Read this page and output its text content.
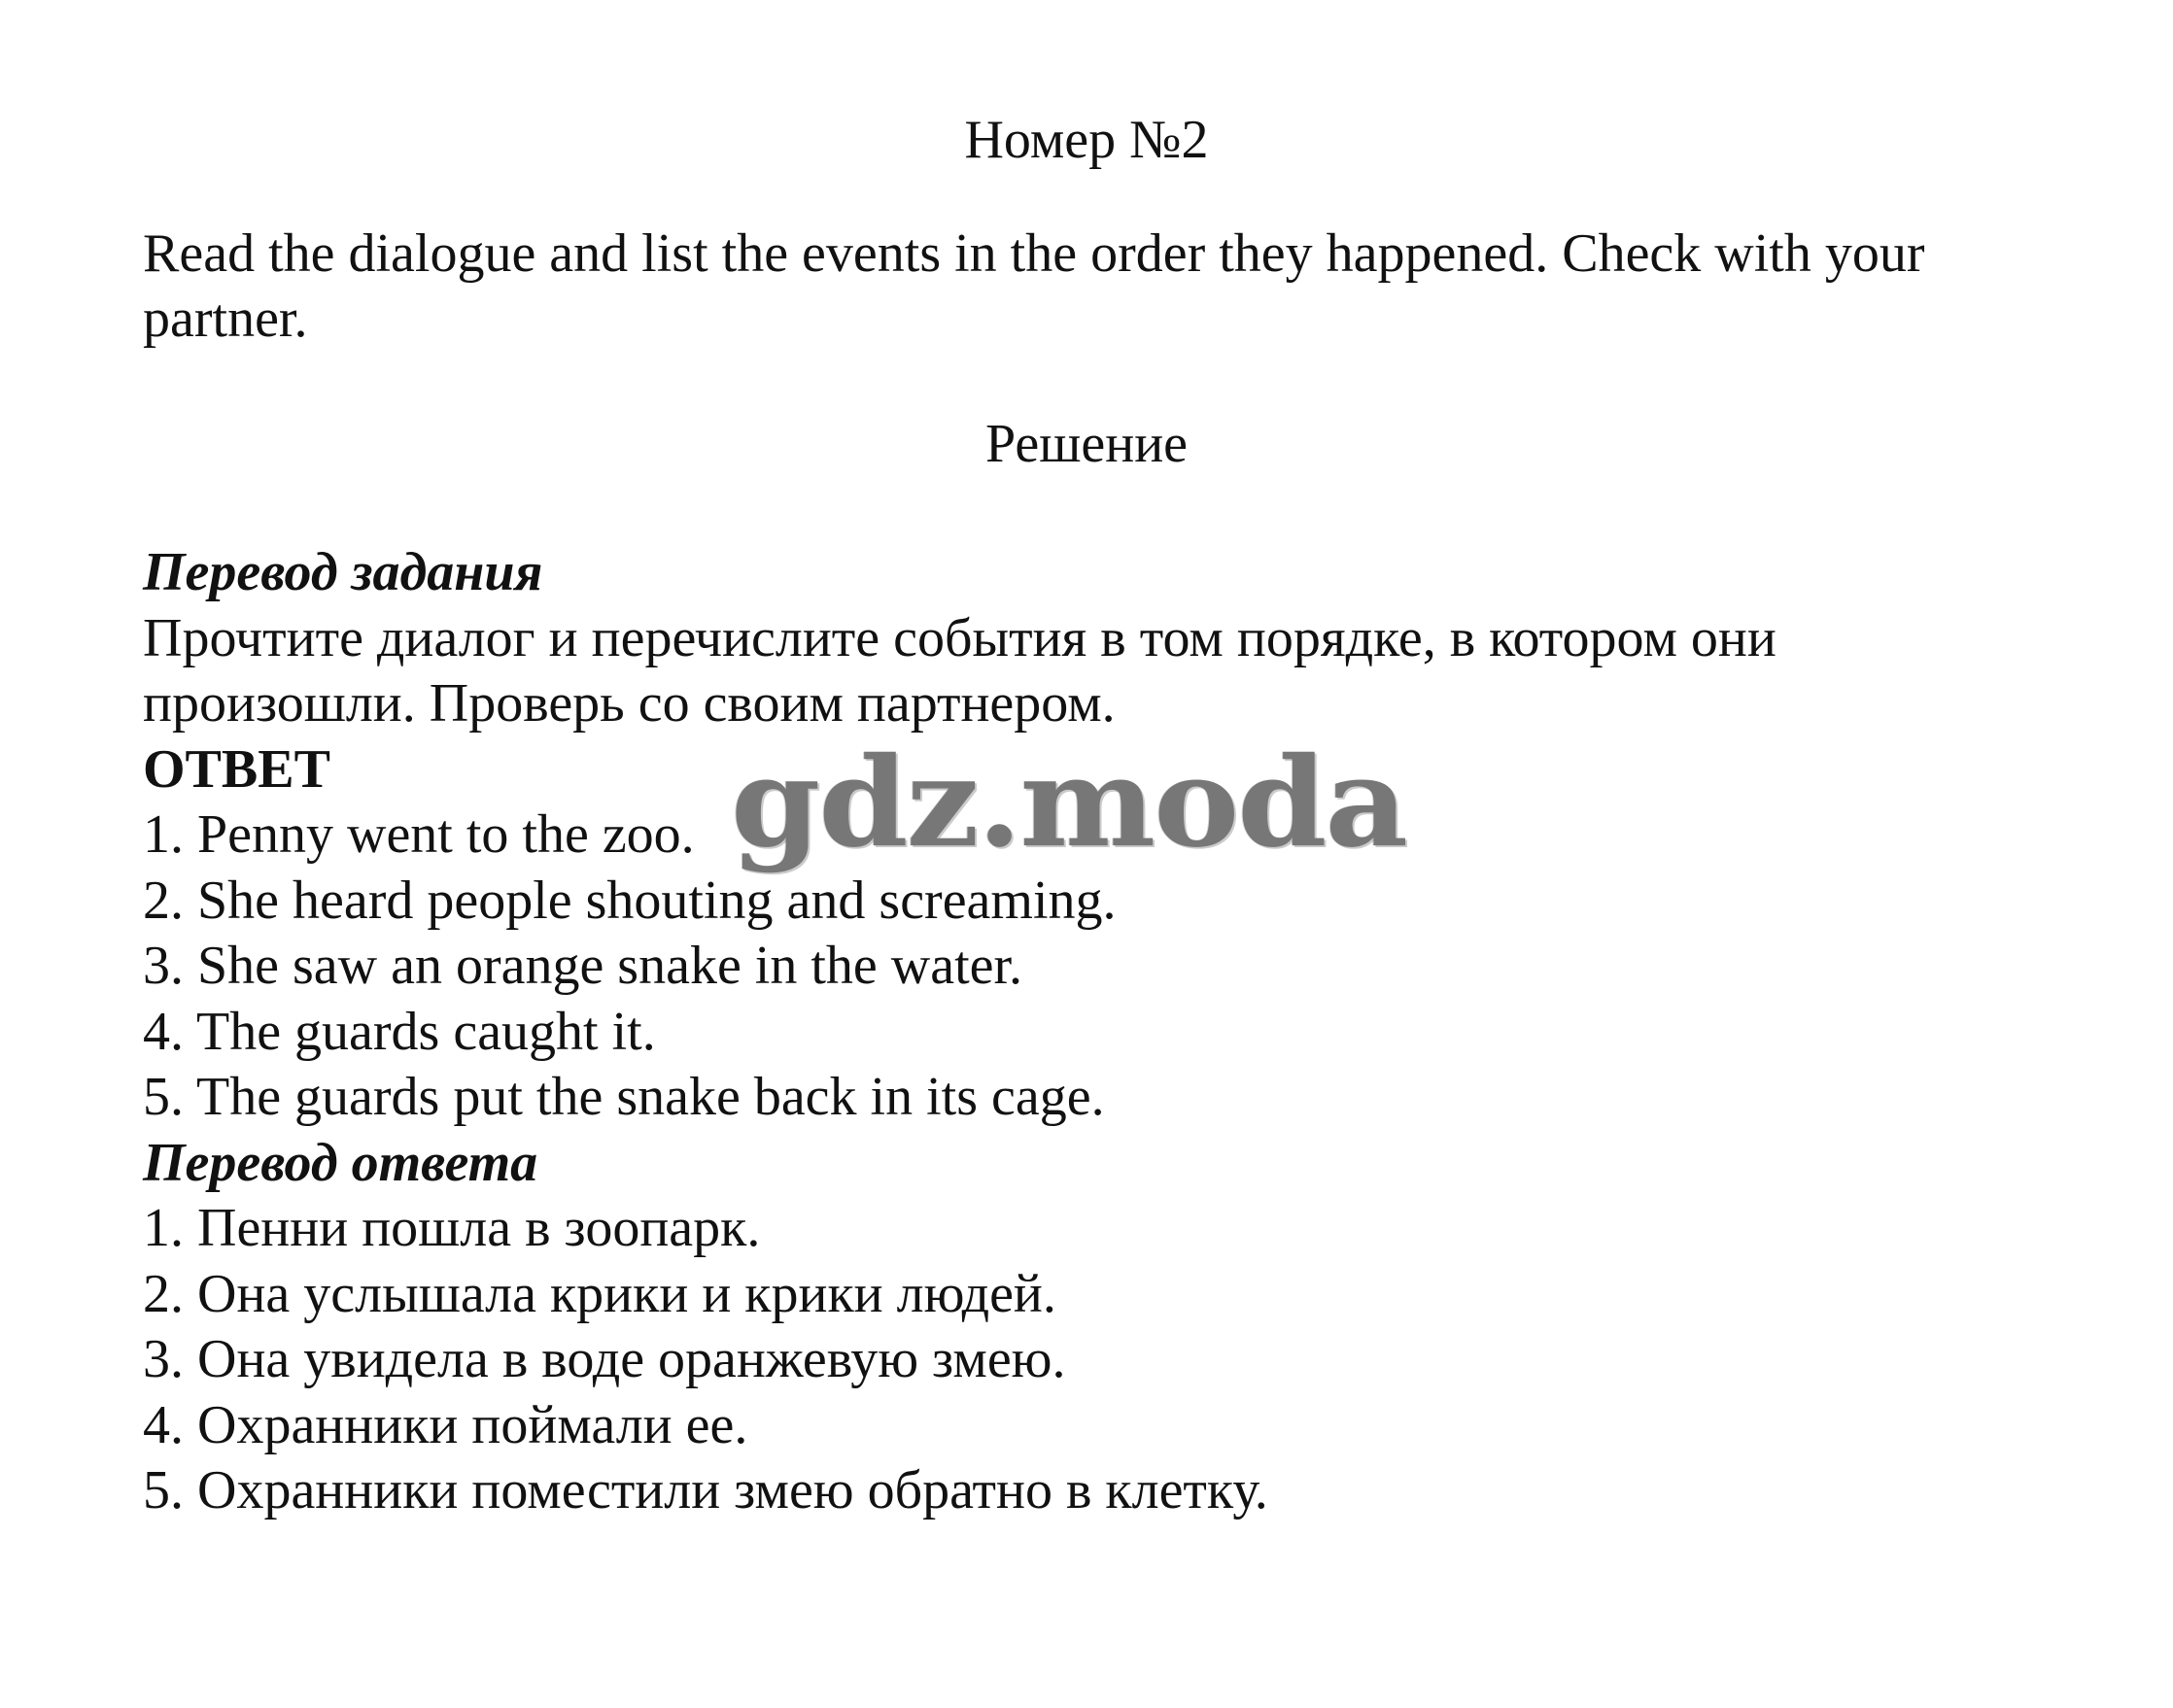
Номер №2

Read the dialogue and list the events in the order they happened. Check with your partner.

Решение

Перевод задания

Прочтите диалог и перечислите события в том порядке, в котором они произошли. Проверь со своим партнером.

ОТВЕТ

1. Penny went to the zoo.
2. She heard people shouting and screaming.
3. She saw an orange snake in the water.
4. The guards caught it.
5. The guards put the snake back in its cage.

Перевод ответа

1. Пенни пошла в зоопарк.
2. Она услышала крики и крики людей.
3. Она увидела в воде оранжевую змею.
4. Охранники поймали ее.
5. Охранники поместили змею обратно в клетку.
gdz.moda
